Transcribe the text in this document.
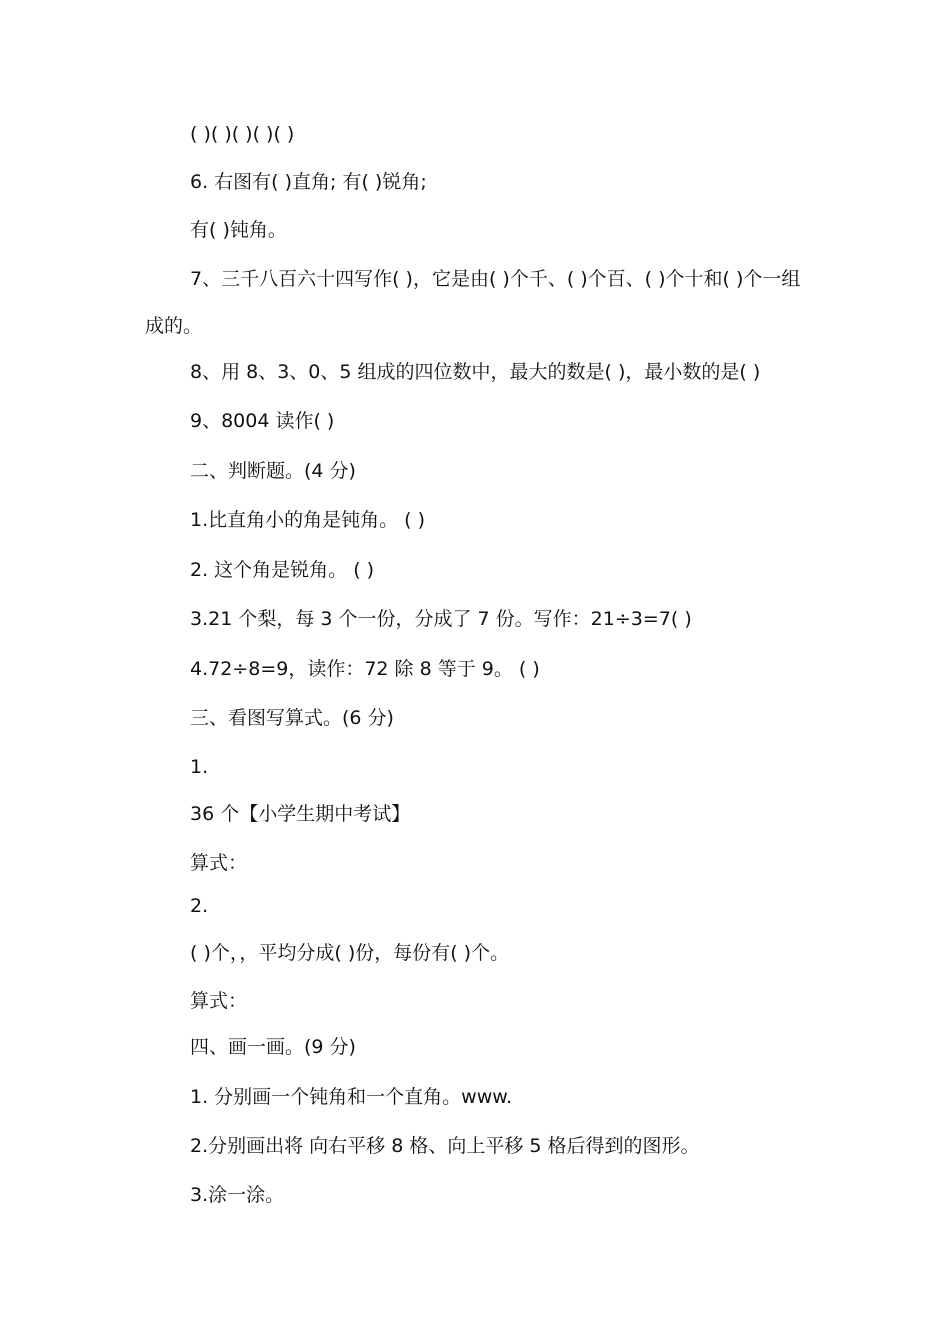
( )( )( )( )( )
6. 右图有( )直角; 有( )锐角;
有( )钝角。
7、三千八百六十四写作( )，它是由( )个千、( )个百、( )个十和( )个一组成的。
8、用 8、3、0、5 组成的四位数中，最大的数是( )，最小数的是( )
9、8004 读作( )
二、判断题。(4 分)
1.比直角小的角是钝角。 ( )
2. 这个角是锐角。 ( )
3.21 个梨，每 3 个一份，分成了 7 份。写作：21÷3=7( )
4.72÷8=9，读作：72 除 8 等于 9。 ( )
三、看图写算式。(6 分)
1.
36 个【小学生期中考试】
算式：
2.
( )个，，平均分成( )份，每份有( )个。
算式：
四、画一画。(9 分)
1. 分别画一个钝角和一个直角。www.
2.分别画出将 向右平移 8 格、向上平移 5 格后得到的图形。
3.涂一涂。
